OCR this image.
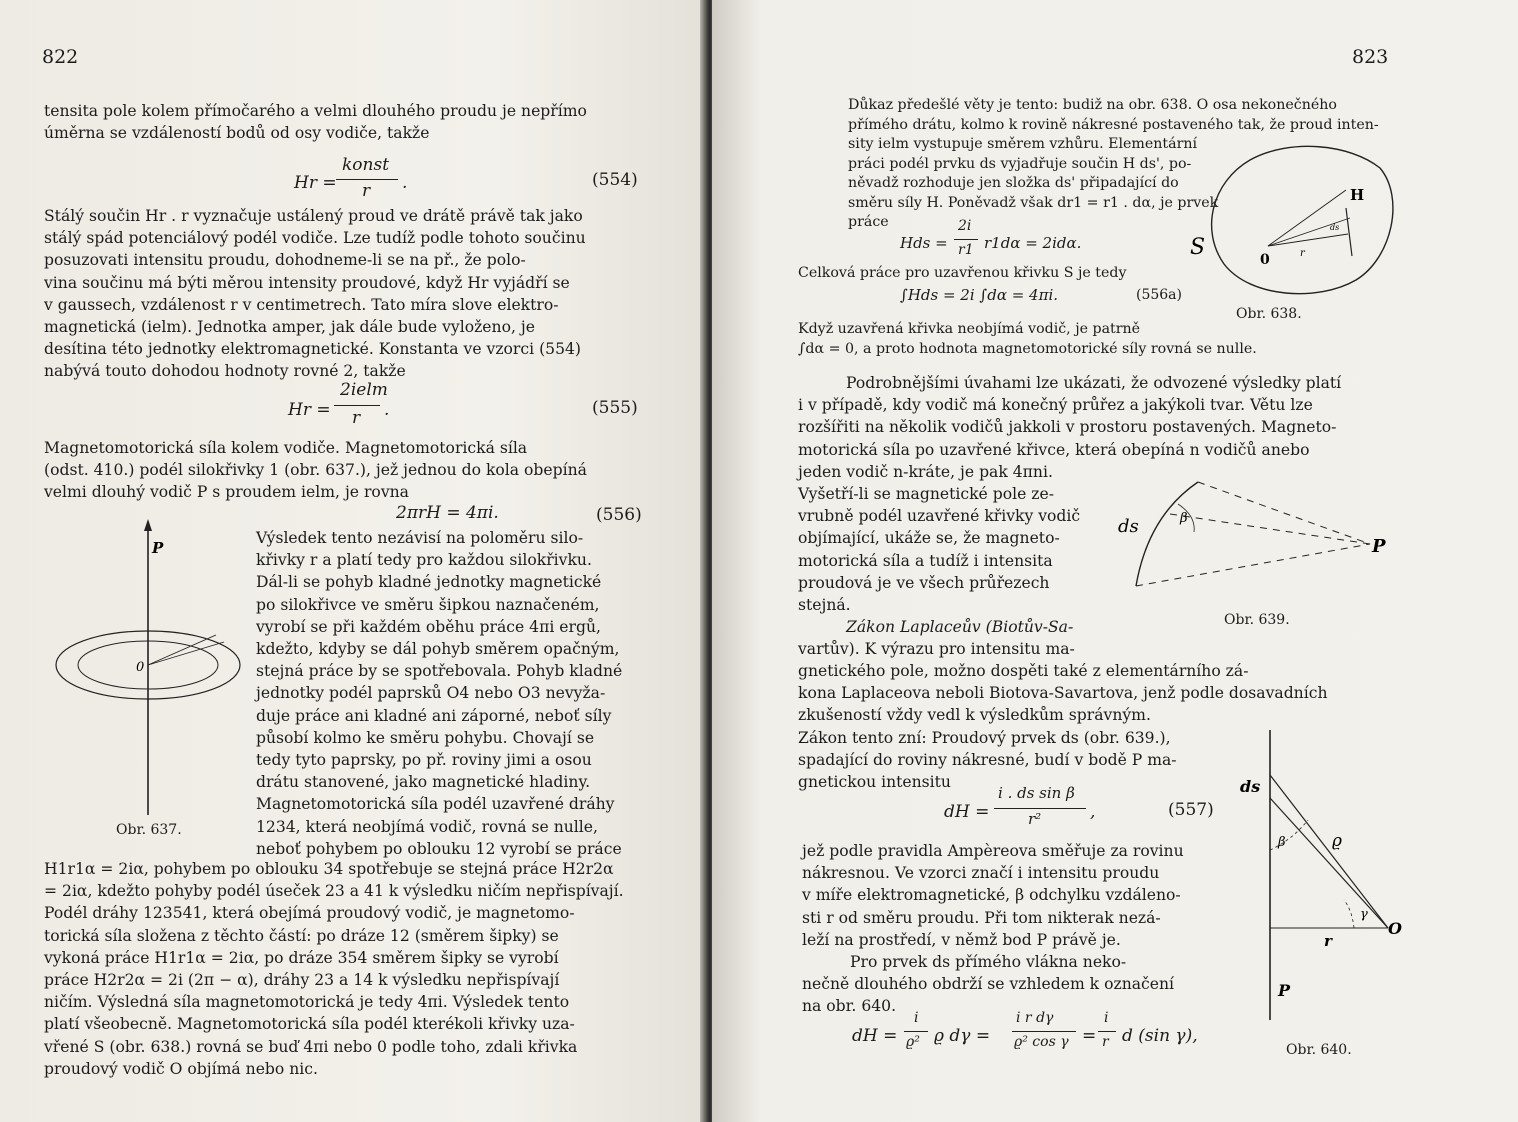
822
tensita pole kolem přímočarého a velmi dlouhého proudu je nepřímo
úměrna se vzdáleností bodů od osy vodiče, takže
Hr =
konst
r .	(554)
Stálý součin Hr . r vyznačuje ustálený proud ve drátě právě tak jako
stálý spád potenciálový podél vodiče. Lze tudíž podle tohoto součinu
posuzovati intensitu proudu, dohodneme-li se na př., že polo-
vina součinu má býti měrou intensity proudové, když Hr vyjádří se
v gaussech, vzdálenost r v centimetrech. Tato míra slove elektro-
magnetická (ielm). Jednotka amper, jak dále bude vyloženo, je
desítina této jednotky elektromagnetické. Konstanta ve vzorci (554)
nabývá touto dohodou hodnoty rovné 2, takže
Hr =
2ielm
r .	(555)
Magnetomotorická síla kolem vodiče. Magnetomotorická síla
(odst. 410.) podél silokřivky 1 (obr. 637.), jež jednou do kola obepíná
velmi dlouhý vodič P s proudem ielm, je rovna
2πrH = 4πi.	(556)
Výsledek tento nezávisí na poloměru silo-
křivky r a platí tedy pro každou silokřivku.
Dál-li se pohyb kladné jednotky magnetické
po silokřivce ve směru šipkou naznačeném,
vyrobí se při každém oběhu práce 4πi ergů,
kdežto, kdyby se dál pohyb směrem opačným,
stejná práce by se spotřebovala. Pohyb kladné
jednotky podél paprsků O4 nebo O3 nevyža-
duje práce ani kladné ani záporné, neboť síly
působí kolmo ke směru pohybu. Chovají se
tedy tyto paprsky, po př. roviny jimi a osou
drátu stanovené, jako magnetické hladiny.
Magnetomotorická síla podél uzavřené dráhy
1234, která neobjímá vodič, rovná se nulle,
neboť pohybem po oblouku 12 vyrobí se práce
H1r1α = 2iα, pohybem po oblouku 34 spotřebuje se stejná práce H2r2α
= 2iα, kdežto pohyby podél úseček 23 a 41 k výsledku ničím nepřispívají.
Podél dráhy 123541, která obejímá proudový vodič, je magnetomo-
torická síla složena z těchto částí: po dráze 12 (směrem šipky) se
vykoná práce H1r1α = 2iα, po dráze 354 směrem šipky se vyrobí
práce H2r2α = 2i (2π − α), dráhy 23 a 14 k výsledku nepřispívají
ničím. Výsledná síla magnetomotorická je tedy 4πi. Výsledek tento
platí všeobecně. Magnetomotorická síla podél kterékoli křivky uza-
vřené S (obr. 638.) rovná se buď 4πi nebo 0 podle toho, zdali křivka
proudový vodič O objímá nebo nic.
P
0
Obr. 637.
823
Důkaz předešlé věty je tento: budiž na obr. 638. O osa nekonečného
přímého drátu, kolmo k rovině nákresné postaveného tak, že proud inten-
sity ielm vystupuje směrem vzhůru. Elementární
práci podél prvku ds vyjadřuje součin H ds', po-
něvadž rozhoduje jen složka ds' připadající do
směru síly H. Poněvadž však dr1 = r1 . dα, je prvek
práce
Hds =
2i
r1 r1dα = 2idα.
Celková práce pro uzavřenou křivku S je tedy
∫Hds = 2i ∫dα = 4πi.	(556a)
Když uzavřená křivka neobjímá vodič, je patrně
∫dα = 0, a proto hodnota magnetomotorické síly rovná se nulle.
S	0
H
r
ds
Obr. 638.
Podrobnějšími úvahami lze ukázati, že odvozené výsledky platí
i v případě, kdy vodič má konečný průřez a jakýkoli tvar. Větu lze
rozšířiti na několik vodičů jakkoli v prostoru postavených. Magneto-
motorická síla po uzavřené křivce, která obepíná n vodičů anebo
jeden vodič n-kráte, je pak 4πni.
Vyšetří-li se magnetické pole ze-
vrubně podél uzavřené křivky vodič
objímající, ukáže se, že magneto-
motorická síla a tudíž i intensita
proudová je ve všech průřezech
stejná.
Zákon Laplaceův (Biotův-Sa-
vartův). K výrazu pro intensitu ma-
ds	β
P
Obr. 639.
gnetického pole, možno dospěti také z elementárního zá-
kona Laplaceova neboli Biotova-Savartova, jenž podle dosavadních
zkušeností vždy vedl k výsledkům správným.
Zákon tento zní: Proudový prvek ds (obr. 639.),
spadající do roviny nákresné, budí v bodě P ma-
gnetickou intensitu
dH =
i . ds sin β
r²	,	(557)
jež podle pravidla Ampèreova směřuje za rovinu
nákresnou. Ve vzorci značí i intensitu proudu
v míře elektromagnetické, β odchylku vzdáleno-
sti r od směru proudu. Při tom nikterak nezá-
leží na prostředí, v němž bod P právě je.
Pro prvek ds přímého vlákna neko-
nečně dlouhého obdrží se vzhledem k označení
na obr. 640.
dH =
i
ϱ² ϱ dγ =
i r dγ
ϱ² cos γ =
i
r d (sin γ),
ds
β	ϱ
γ
r
O
P
Obr. 640.
